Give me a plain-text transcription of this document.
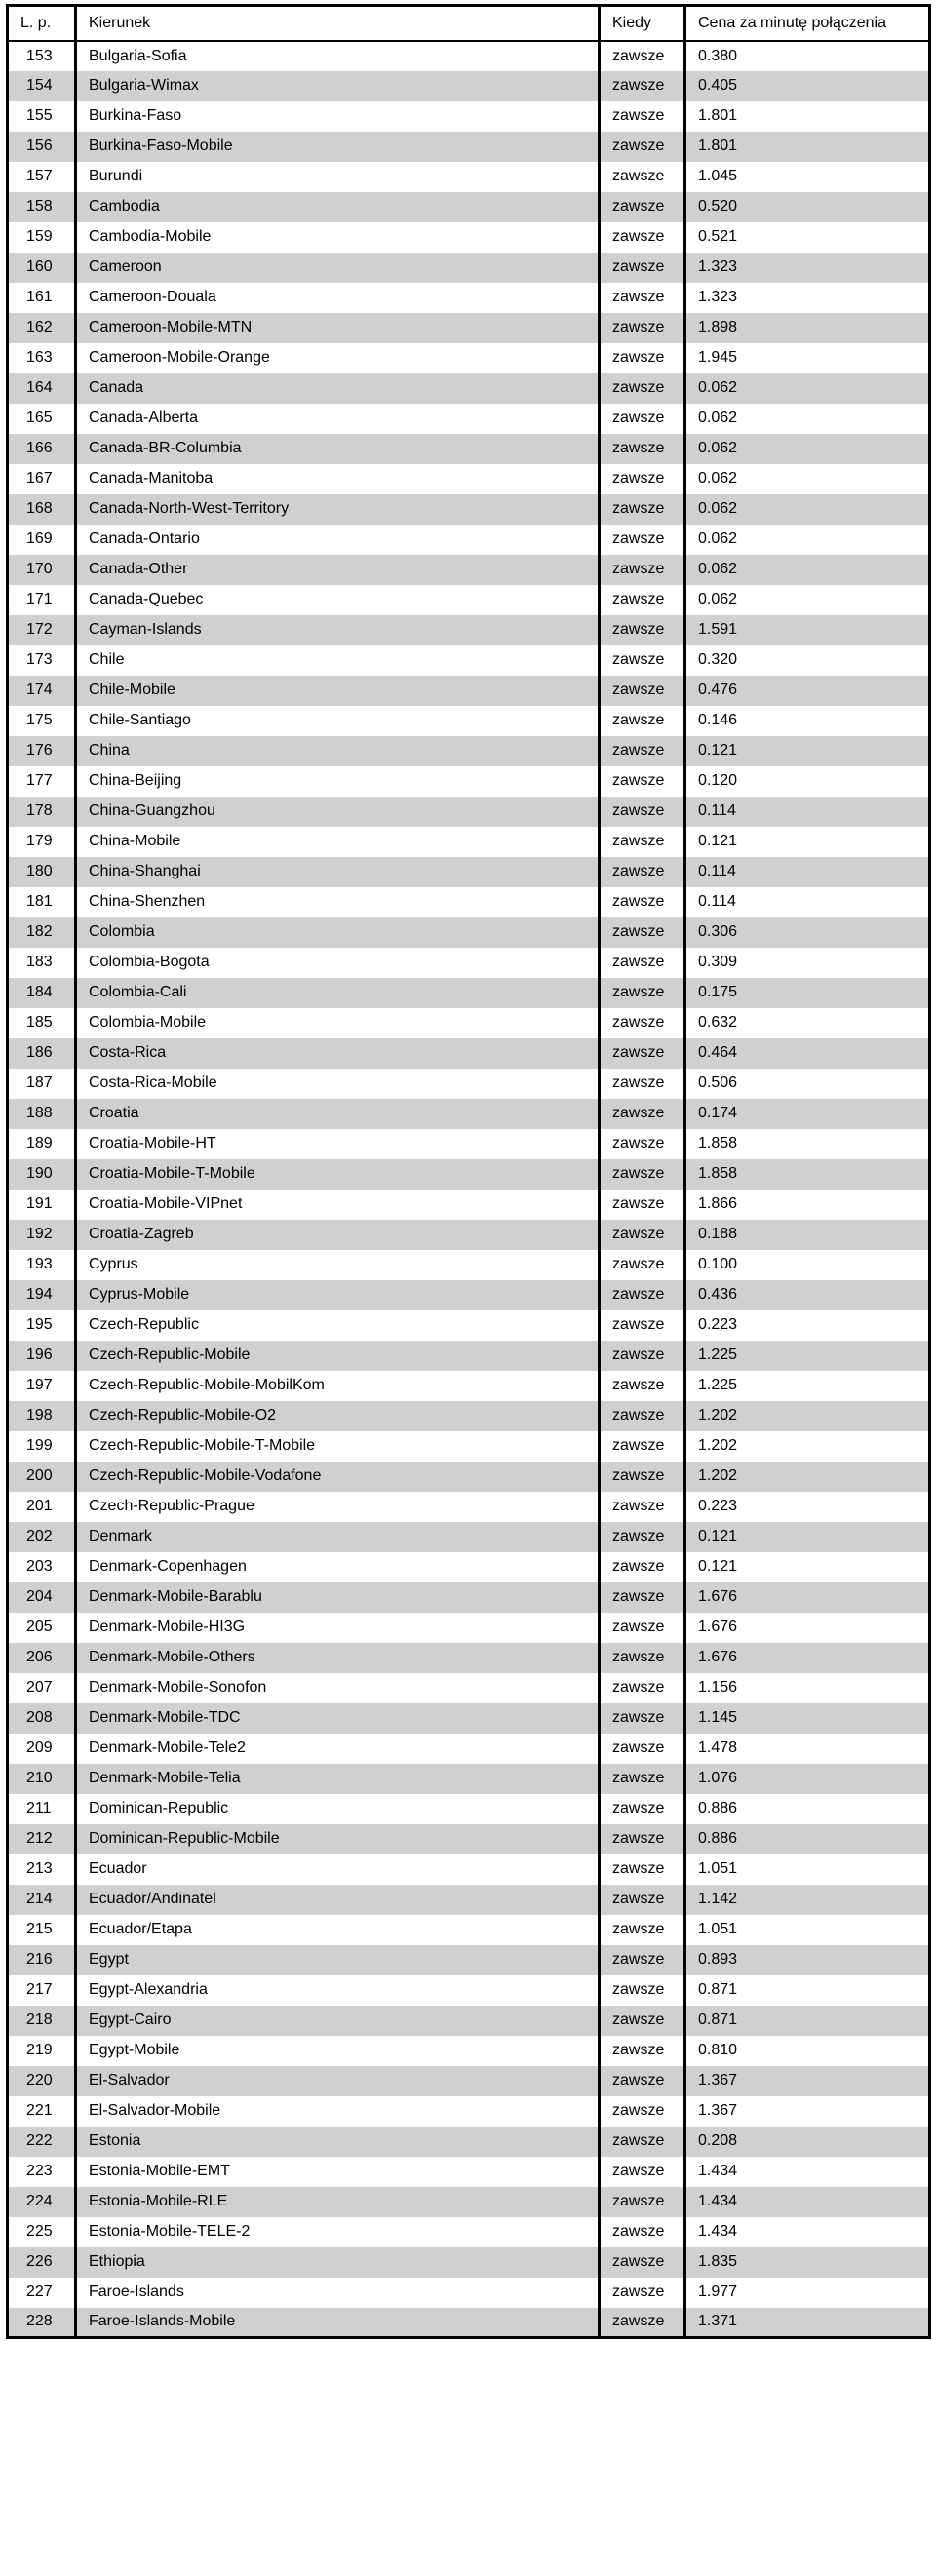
L. p.	Kierunek	Kiedy	Cena za minutę połączenia
153	Bulgaria-Sofia	zawsze	0.380
154	Bulgaria-Wimax	zawsze	0.405
155	Burkina-Faso	zawsze	1.801
156	Burkina-Faso-Mobile	zawsze	1.801
157	Burundi	zawsze	1.045
158	Cambodia	zawsze	0.520
159	Cambodia-Mobile	zawsze	0.521
160	Cameroon	zawsze	1.323
161	Cameroon-Douala	zawsze	1.323
162	Cameroon-Mobile-MTN	zawsze	1.898
163	Cameroon-Mobile-Orange	zawsze	1.945
164	Canada	zawsze	0.062
165	Canada-Alberta	zawsze	0.062
166	Canada-BR-Columbia	zawsze	0.062
167	Canada-Manitoba	zawsze	0.062
168	Canada-North-West-Territory	zawsze	0.062
169	Canada-Ontario	zawsze	0.062
170	Canada-Other	zawsze	0.062
171	Canada-Quebec	zawsze	0.062
172	Cayman-Islands	zawsze	1.591
173	Chile	zawsze	0.320
174	Chile-Mobile	zawsze	0.476
175	Chile-Santiago	zawsze	0.146
176	China	zawsze	0.121
177	China-Beijing	zawsze	0.120
178	China-Guangzhou	zawsze	0.114
179	China-Mobile	zawsze	0.121
180	China-Shanghai	zawsze	0.114
181	China-Shenzhen	zawsze	0.114
182	Colombia	zawsze	0.306
183	Colombia-Bogota	zawsze	0.309
184	Colombia-Cali	zawsze	0.175
185	Colombia-Mobile	zawsze	0.632
186	Costa-Rica	zawsze	0.464
187	Costa-Rica-Mobile	zawsze	0.506
188	Croatia	zawsze	0.174
189	Croatia-Mobile-HT	zawsze	1.858
190	Croatia-Mobile-T-Mobile	zawsze	1.858
191	Croatia-Mobile-VIPnet	zawsze	1.866
192	Croatia-Zagreb	zawsze	0.188
193	Cyprus	zawsze	0.100
194	Cyprus-Mobile	zawsze	0.436
195	Czech-Republic	zawsze	0.223
196	Czech-Republic-Mobile	zawsze	1.225
197	Czech-Republic-Mobile-MobilKom	zawsze	1.225
198	Czech-Republic-Mobile-O2	zawsze	1.202
199	Czech-Republic-Mobile-T-Mobile	zawsze	1.202
200	Czech-Republic-Mobile-Vodafone	zawsze	1.202
201	Czech-Republic-Prague	zawsze	0.223
202	Denmark	zawsze	0.121
203	Denmark-Copenhagen	zawsze	0.121
204	Denmark-Mobile-Barablu	zawsze	1.676
205	Denmark-Mobile-HI3G	zawsze	1.676
206	Denmark-Mobile-Others	zawsze	1.676
207	Denmark-Mobile-Sonofon	zawsze	1.156
208	Denmark-Mobile-TDC	zawsze	1.145
209	Denmark-Mobile-Tele2	zawsze	1.478
210	Denmark-Mobile-Telia	zawsze	1.076
211	Dominican-Republic	zawsze	0.886
212	Dominican-Republic-Mobile	zawsze	0.886
213	Ecuador	zawsze	1.051
214	Ecuador/Andinatel	zawsze	1.142
215	Ecuador/Etapa	zawsze	1.051
216	Egypt	zawsze	0.893
217	Egypt-Alexandria	zawsze	0.871
218	Egypt-Cairo	zawsze	0.871
219	Egypt-Mobile	zawsze	0.810
220	El-Salvador	zawsze	1.367
221	El-Salvador-Mobile	zawsze	1.367
222	Estonia	zawsze	0.208
223	Estonia-Mobile-EMT	zawsze	1.434
224	Estonia-Mobile-RLE	zawsze	1.434
225	Estonia-Mobile-TELE-2	zawsze	1.434
226	Ethiopia	zawsze	1.835
227	Faroe-Islands	zawsze	1.977
228	Faroe-Islands-Mobile	zawsze	1.371
